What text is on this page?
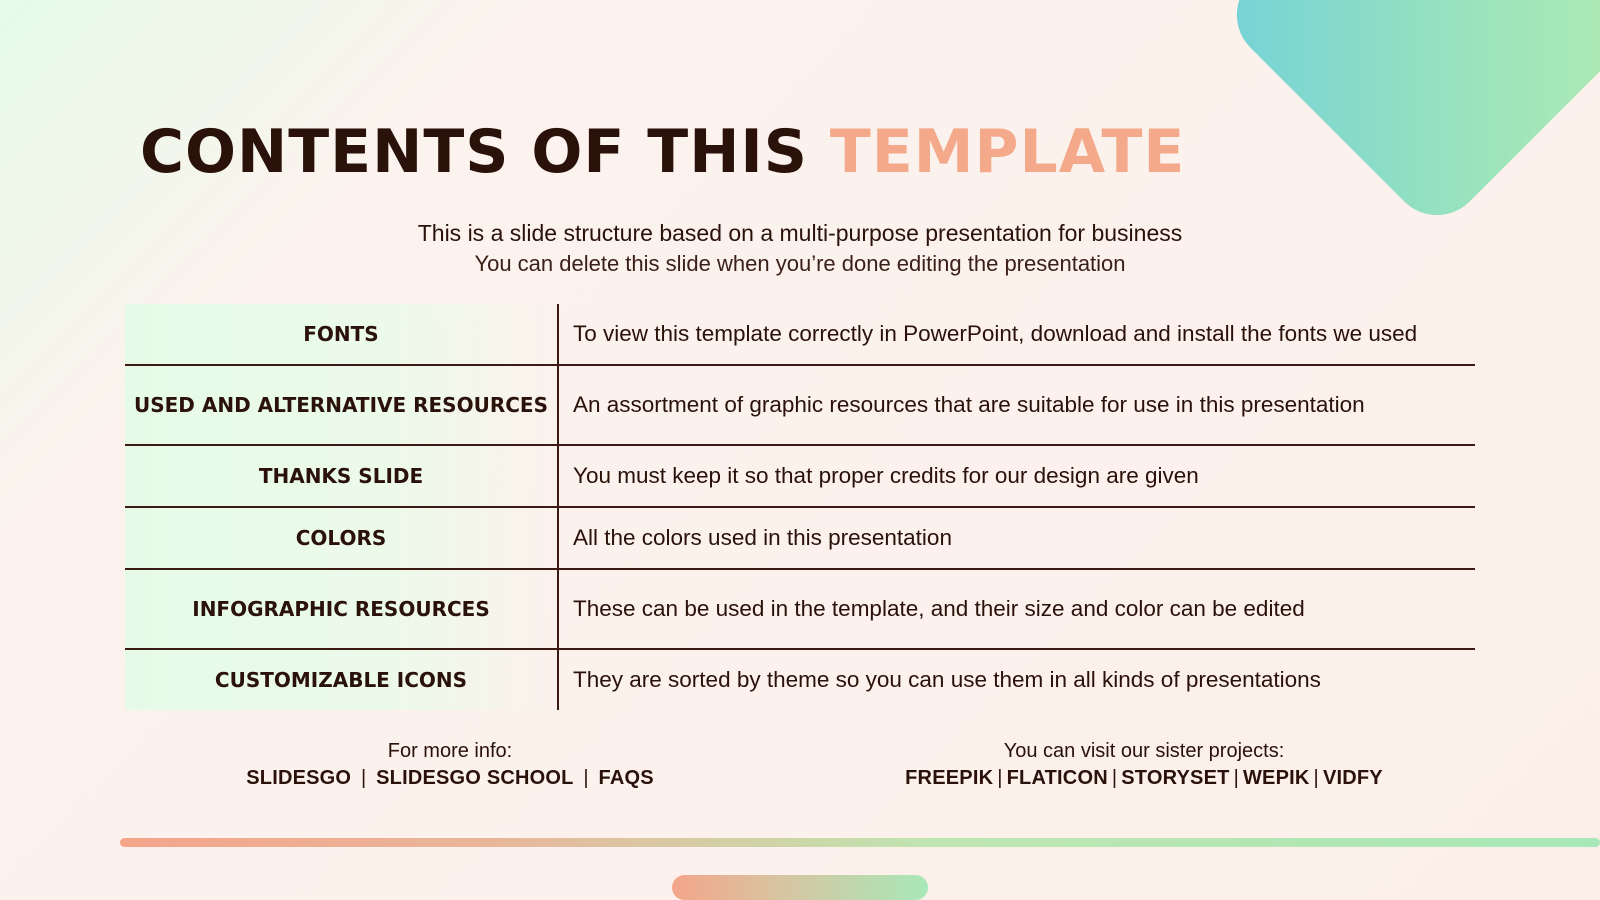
CONTENTS OF THIS TEMPLATE
This is a slide structure based on a multi-purpose presentation for business
You can delete this slide when you’re done editing the presentation
FONTS	To view this template correctly in PowerPoint, download and install the fonts we used
USED AND ALTERNATIVE RESOURCES	An assortment of graphic resources that are suitable for use in this presentation
THANKS SLIDE	You must keep it so that proper credits for our design are given
COLORS	All the colors used in this presentation
INFOGRAPHIC RESOURCES	These can be used in the template, and their size and color can be edited
CUSTOMIZABLE ICONS	They are sorted by theme so you can use them in all kinds of presentations
For more info:
SLIDESGO | SLIDESGO SCHOOL | FAQS
You can visit our sister projects:
FREEPIK | FLATICON | STORYSET | WEPIK | VIDFY
